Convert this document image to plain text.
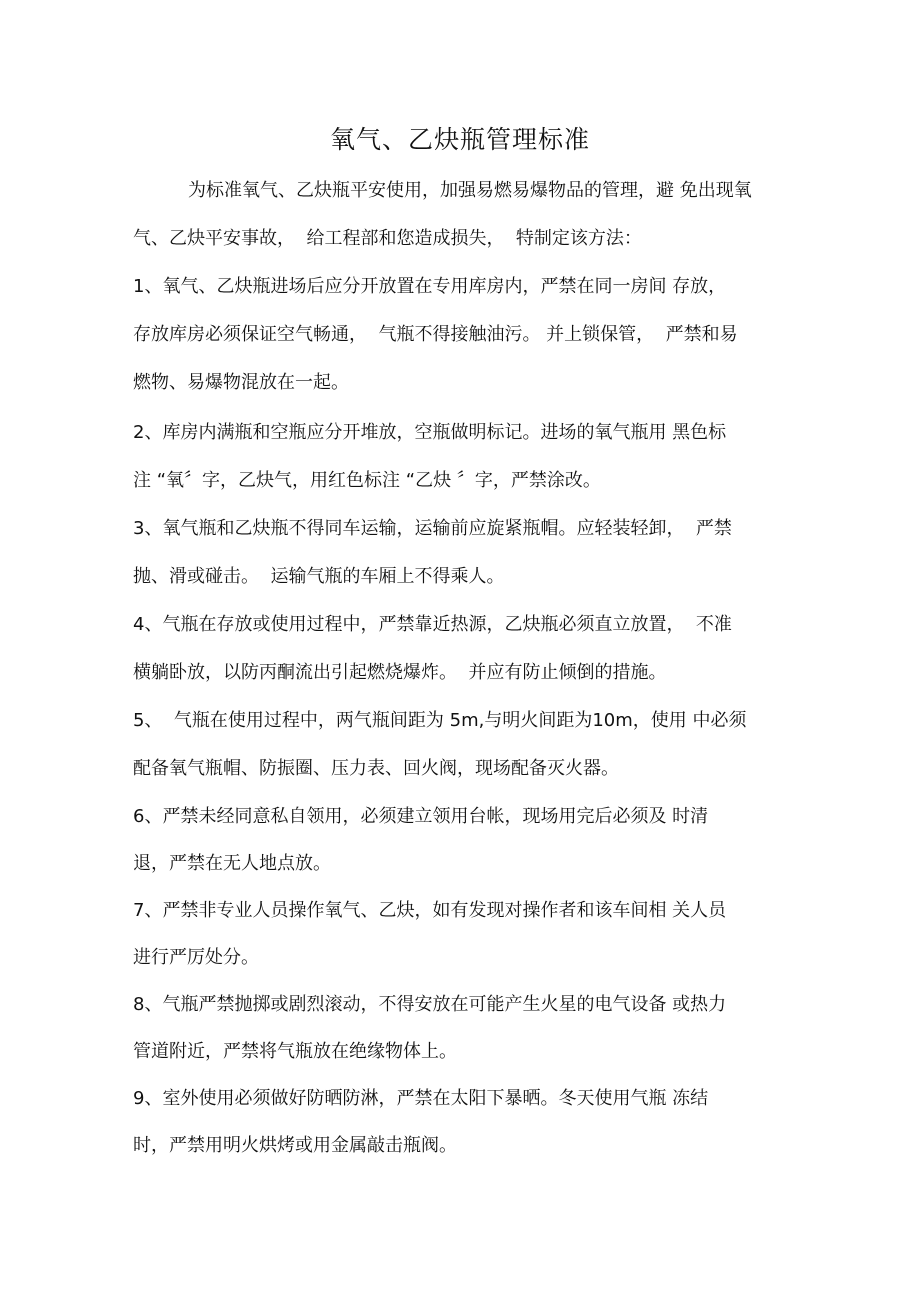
氧气、乙炔瓶管理标准
为标准氧气、乙炔瓶平安使用，加强易燃易爆物品的管理，避 免出现氧
气、乙炔平安事故，  给工程部和您造成损失，  特制定该方法：
1、氧气、乙炔瓶进场后应分开放置在专用库房内，严禁在同一房间 存放，
存放库房必须保证空气畅通，  气瓶不得接触油污。 并上锁保管，  严禁和易
燃物、易爆物混放在一起。
2、库房内满瓶和空瓶应分开堆放，空瓶做明标记。进场的氧气瓶用 黑色标
注 “氧〞字，乙炔气，用红色标注 “乙炔 〞字，严禁涂改。
3、氧气瓶和乙炔瓶不得同车运输，运输前应旋紧瓶帽。应轻装轻卸，  严禁
抛、滑或碰击。  运输气瓶的车厢上不得乘人。
4、气瓶在存放或使用过程中，严禁靠近热源，乙炔瓶必须直立放置，  不准
横躺卧放，以防丙酮流出引起燃烧爆炸。  并应有防止倾倒的措施。
5、  气瓶在使用过程中，两气瓶间距为 5m,与明火间距为10m，使用 中必须
配备氧气瓶帽、防振圈、压力表、回火阀，现场配备灭火器。
6、严禁未经同意私自领用，必须建立领用台帐，现场用完后必须及 时清
退，严禁在无人地点放。
7、严禁非专业人员操作氧气、乙炔，如有发现对操作者和该车间相 关人员
进行严厉处分。
8、气瓶严禁抛掷或剧烈滚动，不得安放在可能产生火星的电气设备 或热力
管道附近，严禁将气瓶放在绝缘物体上。
9、室外使用必须做好防晒防淋，严禁在太阳下暴晒。冬天使用气瓶 冻结
时，严禁用明火烘烤或用金属敲击瓶阀。
